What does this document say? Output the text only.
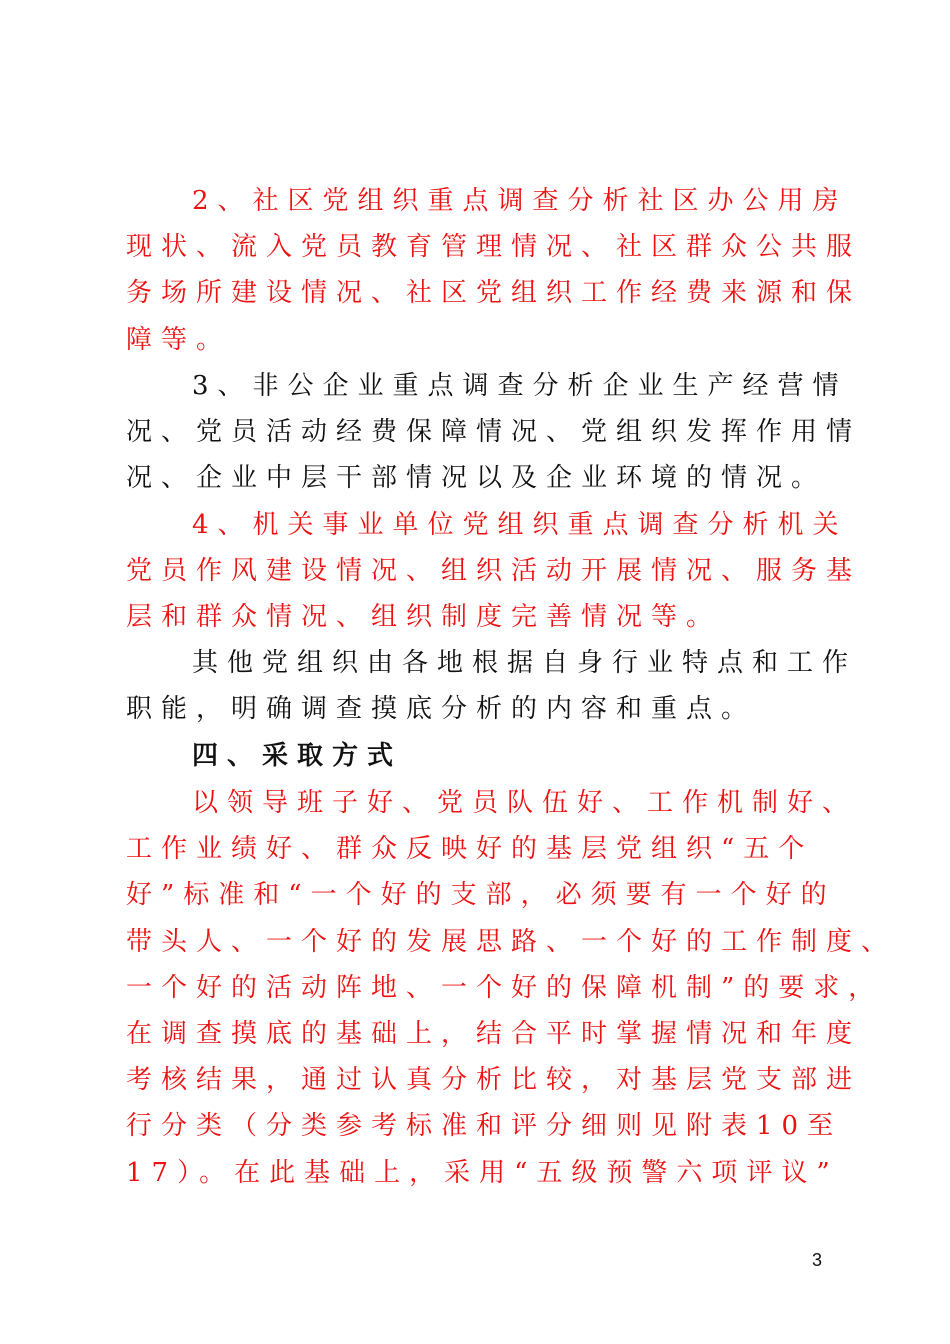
2、社区党组织重点调查分析社区办公用房
现状、流入党员教育管理情况、社区群众公共服
务场所建设情况、社区党组织工作经费来源和保
障等。
3、非公企业重点调查分析企业生产经营情
况、党员活动经费保障情况、党组织发挥作用情
况、企业中层干部情况以及企业环境的情况。
4、机关事业单位党组织重点调查分析机关
党员作风建设情况、组织活动开展情况、服务基
层和群众情况、组织制度完善情况等。
其他党组织由各地根据自身行业特点和工作
职能，明确调查摸底分析的内容和重点。
四、采取方式
以领导班子好、党员队伍好、工作机制好、
工作业绩好、群众反映好的基层党组织“五个
好”标准和“一个好的支部，必须要有一个好的
带头人、一个好的发展思路、一个好的工作制度、
一个好的活动阵地、一个好的保障机制”的要求，
在调查摸底的基础上，结合平时掌握情况和年度
考核结果，通过认真分析比较，对基层党支部进
行分类（分类参考标准和评分细则见附表10至
17）。在此基础上，采用“五级预警六项评议”
3
